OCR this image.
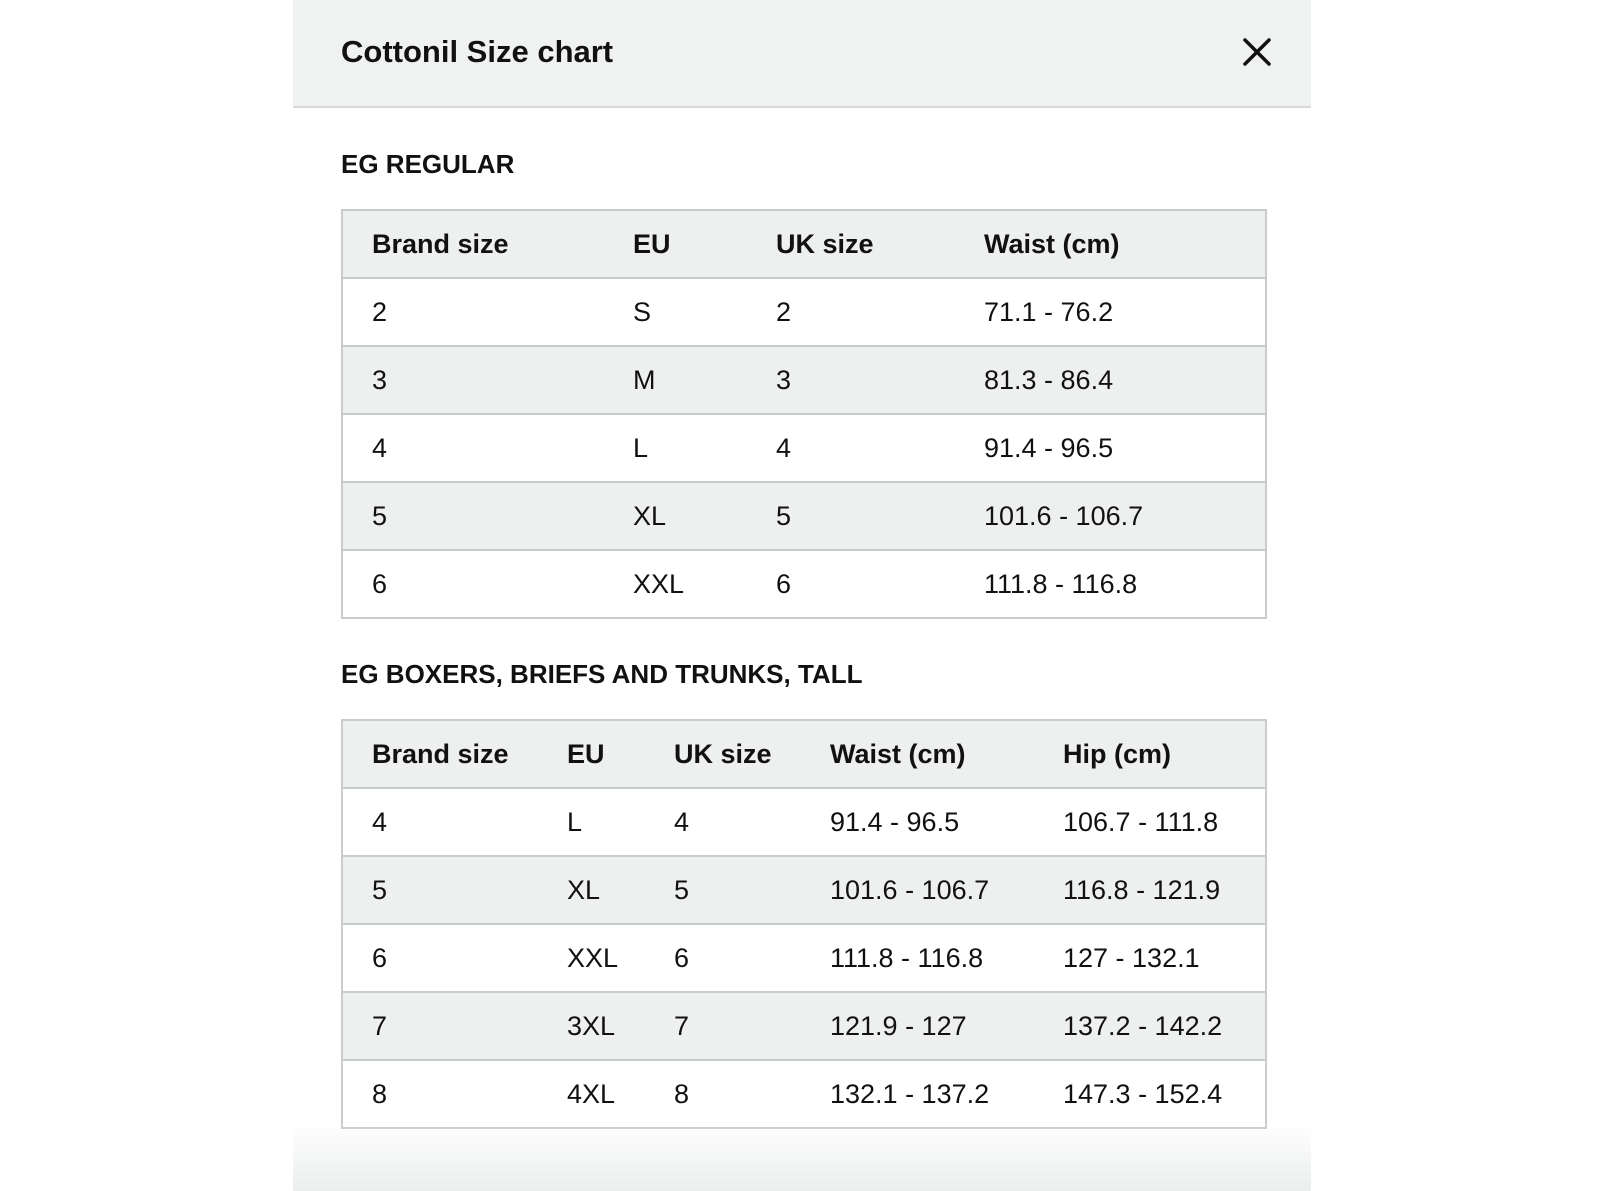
Cottonil Size chart
EG REGULAR
Brand size	EU	UK size	Waist (cm)
2	S	2	71.1 - 76.2
3	M	3	81.3 - 86.4
4	L	4	91.4 - 96.5
5	XL	5	101.6 - 106.7
6	XXL	6	111.8 - 116.8
EG BOXERS, BRIEFS AND TRUNKS, TALL
Brand size	EU	UK size	Waist (cm)	Hip (cm)
4	L	4	91.4 - 96.5	106.7 - 111.8
5	XL	5	101.6 - 106.7	116.8 - 121.9
6	XXL	6	111.8 - 116.8	127 - 132.1
7	3XL	7	121.9 - 127	137.2 - 142.2
8	4XL	8	132.1 - 137.2	147.3 - 152.4
